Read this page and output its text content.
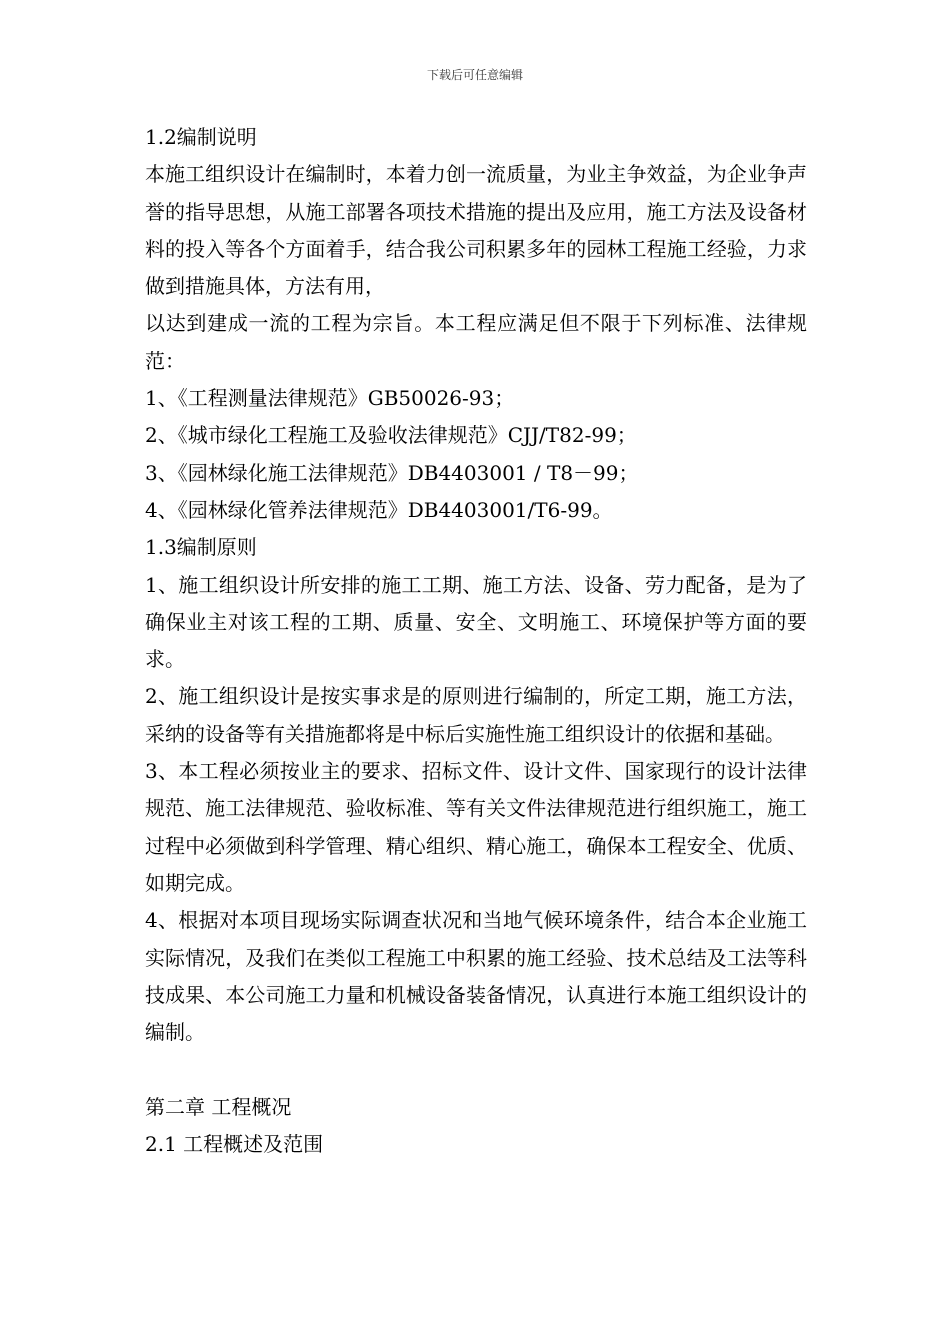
下载后可任意编辑

1.2编制说明

本施工组织设计在编制时，本着力创一流质量，为业主争效益，为企业争声誉的指导思想，从施工部署各项技术措施的提出及应用，施工方法及设备材料的投入等各个方面着手，结合我公司积累多年的园林工程施工经验，力求做到措施具体，方法有用，

以达到建成一流的工程为宗旨。本工程应满足但不限于下列标准、法律规范：

1、《工程测量法律规范》GB50026-93；

2、《城市绿化工程施工及验收法律规范》CJJ/T82-99；

3、《园林绿化施工法律规范》DB4403001 / T8－99；

4、《园林绿化管养法律规范》DB4403001/T6-99。

1.3编制原则

1、施工组织设计所安排的施工工期、施工方法、设备、劳力配备，是为了确保业主对该工程的工期、质量、安全、文明施工、环境保护等方面的要求。

2、施工组织设计是按实事求是的原则进行编制的，所定工期，施工方法，采纳的设备等有关措施都将是中标后实施性施工组织设计的依据和基础。

3、本工程必须按业主的要求、招标文件、设计文件、国家现行的设计法律规范、施工法律规范、验收标准、等有关文件法律规范进行组织施工，施工过程中必须做到科学管理、精心组织、精心施工，确保本工程安全、优质、如期完成。

4、根据对本项目现场实际调查状况和当地气候环境条件，结合本企业施工实际情况，及我们在类似工程施工中积累的施工经验、技术总结及工法等科技成果、本公司施工力量和机械设备装备情况，认真进行本施工组织设计的编制。

第二章 工程概况

2.1 工程概述及范围
